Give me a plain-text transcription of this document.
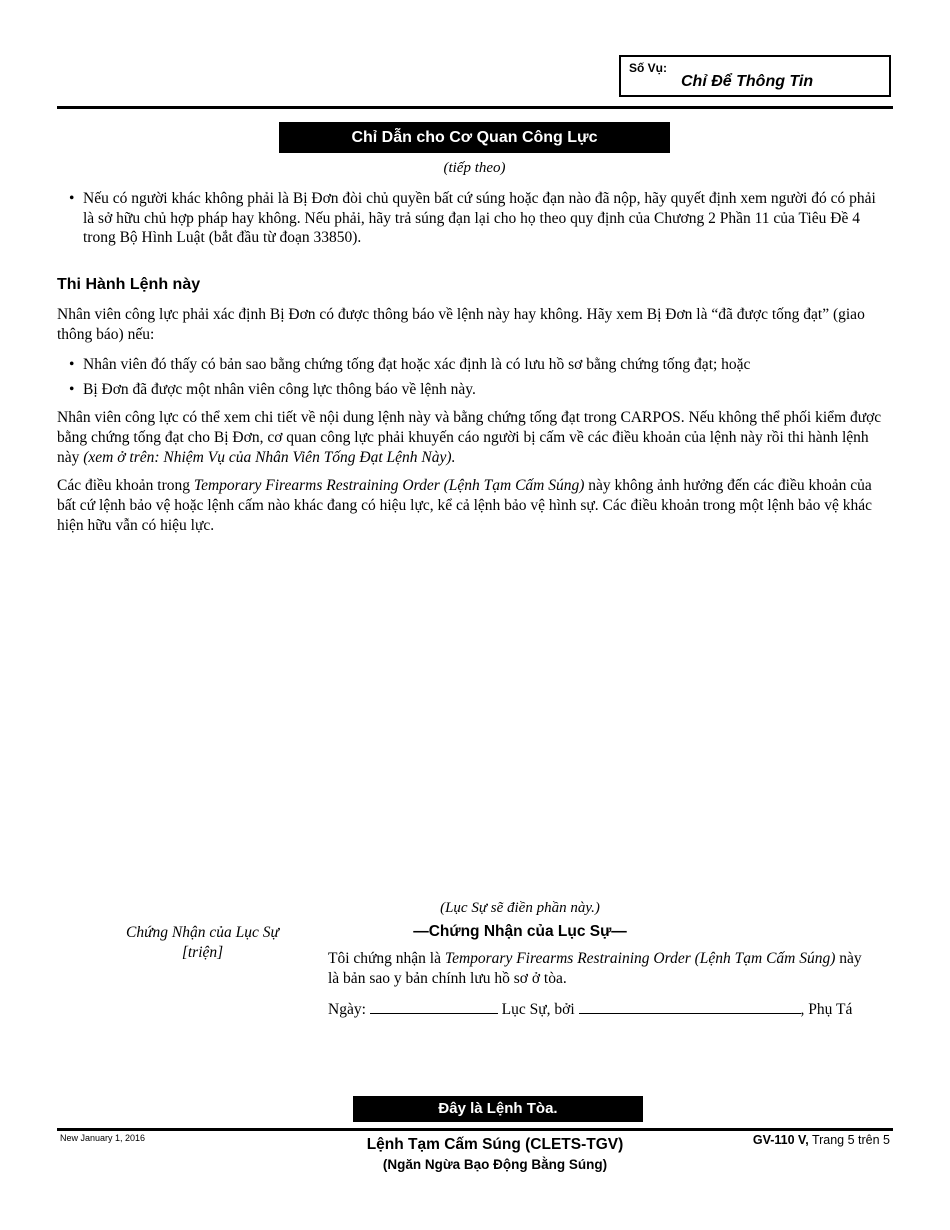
Số Vụ:
Chỉ Để Thông Tin
Chỉ Dẫn cho Cơ Quan Công Lực
(tiếp theo)
• Nếu có người khác không phải là Bị Đơn đòi chủ quyền bất cứ súng hoặc đạn nào đã nộp, hãy quyết định xem người đó có phải là sở hữu chủ hợp pháp hay không. Nếu phải, hãy trả súng đạn lại cho họ theo quy định của Chương 2 Phần 11 của Tiêu Đề 4 trong Bộ Hình Luật (bắt đầu từ đoạn 33850).
Thi Hành Lệnh này

Nhân viên công lực phải xác định Bị Đơn có được thông báo về lệnh này hay không. Hãy xem Bị Đơn là “đã được tống đạt” (giao thông báo) nếu:

• Nhân viên đó thấy có bản sao bằng chứng tống đạt hoặc xác định là có lưu hồ sơ bằng chứng tống đạt; hoặc
• Bị Đơn đã được một nhân viên công lực thông báo về lệnh này.

Nhân viên công lực có thể xem chi tiết về nội dung lệnh này và bằng chứng tống đạt trong CARPOS. Nếu không thể phối kiểm được bằng chứng tống đạt cho Bị Đơn, cơ quan công lực phải khuyến cáo người bị cấm về các điều khoản của lệnh này rồi thi hành lệnh này (xem ở trên: Nhiệm Vụ của Nhân Viên Tống Đạt Lệnh Này).

Các điều khoản trong Temporary Firearms Restraining Order (Lệnh Tạm Cấm Súng) này không ảnh hưởng đến các điều khoản của bất cứ lệnh bảo vệ hoặc lệnh cấm nào khác đang có hiệu lực, kể cả lệnh bảo vệ hình sự. Các điều khoản trong một lệnh bảo vệ khác hiện hữu vẫn có hiệu lực.

(Lục Sự sẽ điền phần này.)
Chứng Nhận của Lục Sự
[triện]
—Chứng Nhận của Lục Sự—

Tôi chứng nhận là Temporary Firearms Restraining Order (Lệnh Tạm Cấm Súng) này là bản sao y bản chính lưu hồ sơ ở tòa.

Ngày:	Lục Sự, bởi	, Phụ Tá
Đây là Lệnh Tòa.
New January 1, 2016	Lệnh Tạm Cấm Súng (CLETS-TGV)
(Ngăn Ngừa Bạo Động Bằng Súng)
GV-110 V, Trang 5 trên 5
